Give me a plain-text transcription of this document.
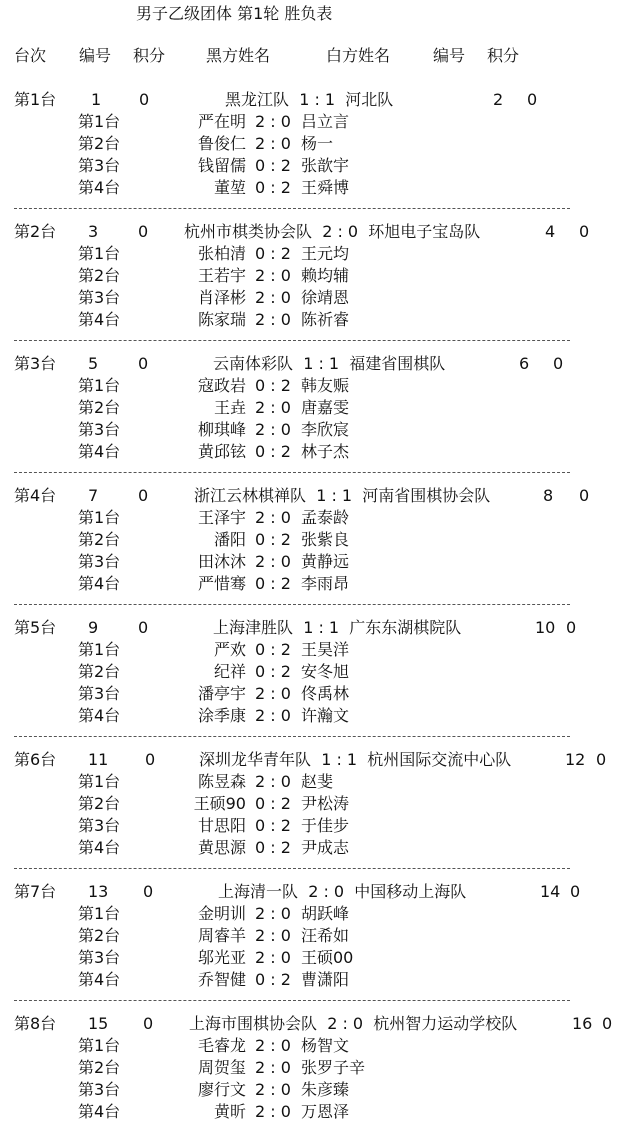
男子乙级团体 第1轮 胜负表
台次 编号 积分	黑方姓名	白方姓名	编号 积分
第1台 1 0	黑龙江队 1 : 1 河北队	2 0
第1台	严在明 2 : 0 吕立言
第2台	鲁俊仁 2 : 0 杨一
第3台	钱留儒 0 : 2 张歆宇
第4台	董堃 0 : 2 王舜博
第2台 3 0 杭州市棋类协会队 2 : 0 环旭电子宝岛队	4 0
第1台	张柏清 0 : 2 王元均
第2台	王若宇 2 : 0 赖均辅
第3台	肖泽彬 2 : 0 徐靖恩
第4台	陈家瑞 2 : 0 陈祈睿
第3台 5 0	云南体彩队 1 : 1 福建省围棋队	6 0
第1台	寇政岩 0 : 2 韩友赈
第2台	王垚 2 : 0 唐嘉雯
第3台	柳琪峰 2 : 0 李欣宸
第4台	黄邱铉 0 : 2 林子杰
第4台 7 0	浙江云林棋禅队 1 : 1 河南省围棋协会队	8 0
第1台	王泽宇 2 : 0 孟泰龄
第2台	潘阳 0 : 2 张紫良
第3台	田沐沐 2 : 0 黄静远
第4台	严惜骞 0 : 2 李雨昂
第5台 9 0	上海津胜队 1 : 1 广东东湖棋院队	10 0
第1台	严欢 0 : 2 王昊洋
第2台	纪祥 0 : 2 安冬旭
第3台	潘亭宇 2 : 0 佟禹林
第4台	涂季康 2 : 0 许瀚文
第6台 11 0	深圳龙华青年队 1 : 1 杭州国际交流中心队	12 0
第1台	陈昱森 2 : 0 赵斐
第2台	王硕90 0 : 2 尹松涛
第3台	甘思阳 0 : 2 于佳步
第4台	黄思源 0 : 2 尹成志
第7台 13 0	上海清一队 2 : 0 中国移动上海队	14 0
第1台	金明训 2 : 0 胡跃峰
第2台	周睿羊 2 : 0 汪希如
第3台	邬光亚 2 : 0 王硕00
第4台	乔智健 0 : 2 曹潇阳
第8台 15 0 上海市围棋协会队 2 : 0 杭州智力运动学校队	16 0
第1台	毛睿龙 2 : 0 杨智文
第2台	周贺玺 2 : 0 张罗子辛
第3台	廖行文 2 : 0 朱彦臻
第4台	黄昕 2 : 0 万恩泽
